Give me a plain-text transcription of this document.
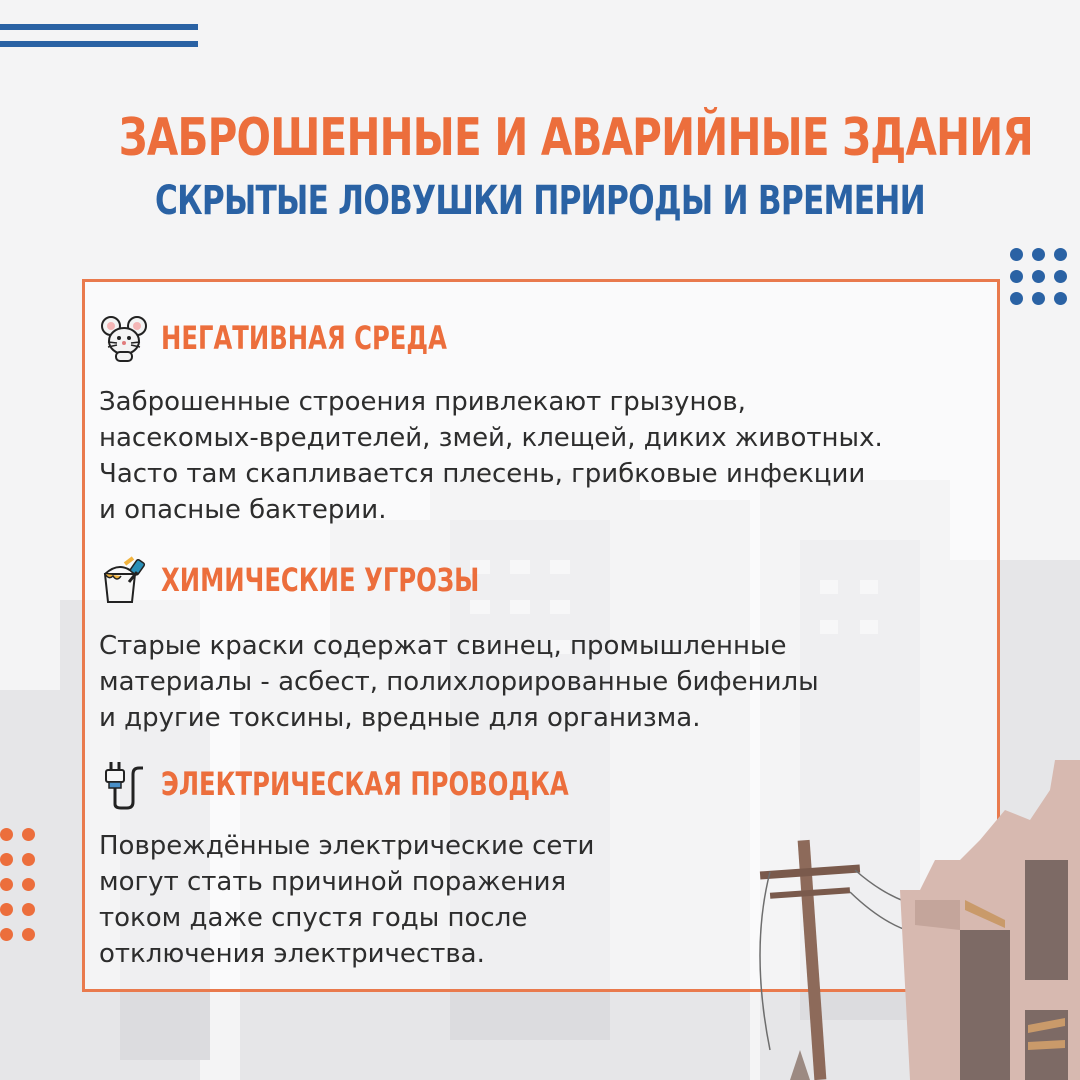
ЗАБРОШЕННЫЕ И АВАРИЙНЫЕ ЗДАНИЯ
СКРЫТЫЕ ЛОВУШКИ ПРИРОДЫ И ВРЕМЕНИ
НЕГАТИВНАЯ СРЕДА
Заброшенные строения привлекают грызунов,
насекомых-вредителей, змей, клещей, диких животных.
Часто там скапливается плесень, грибковые инфекции
и опасные бактерии.
ХИМИЧЕСКИЕ УГРОЗЫ
Старые краски содержат свинец, промышленные
материалы - асбест, полихлорированные бифенилы
и другие токсины, вредные для организма.
ЭЛЕКТРИЧЕСКАЯ ПРОВОДКА
Повреждённые электрические сети
могут стать причиной поражения
током даже спустя годы после
отключения электричества.
